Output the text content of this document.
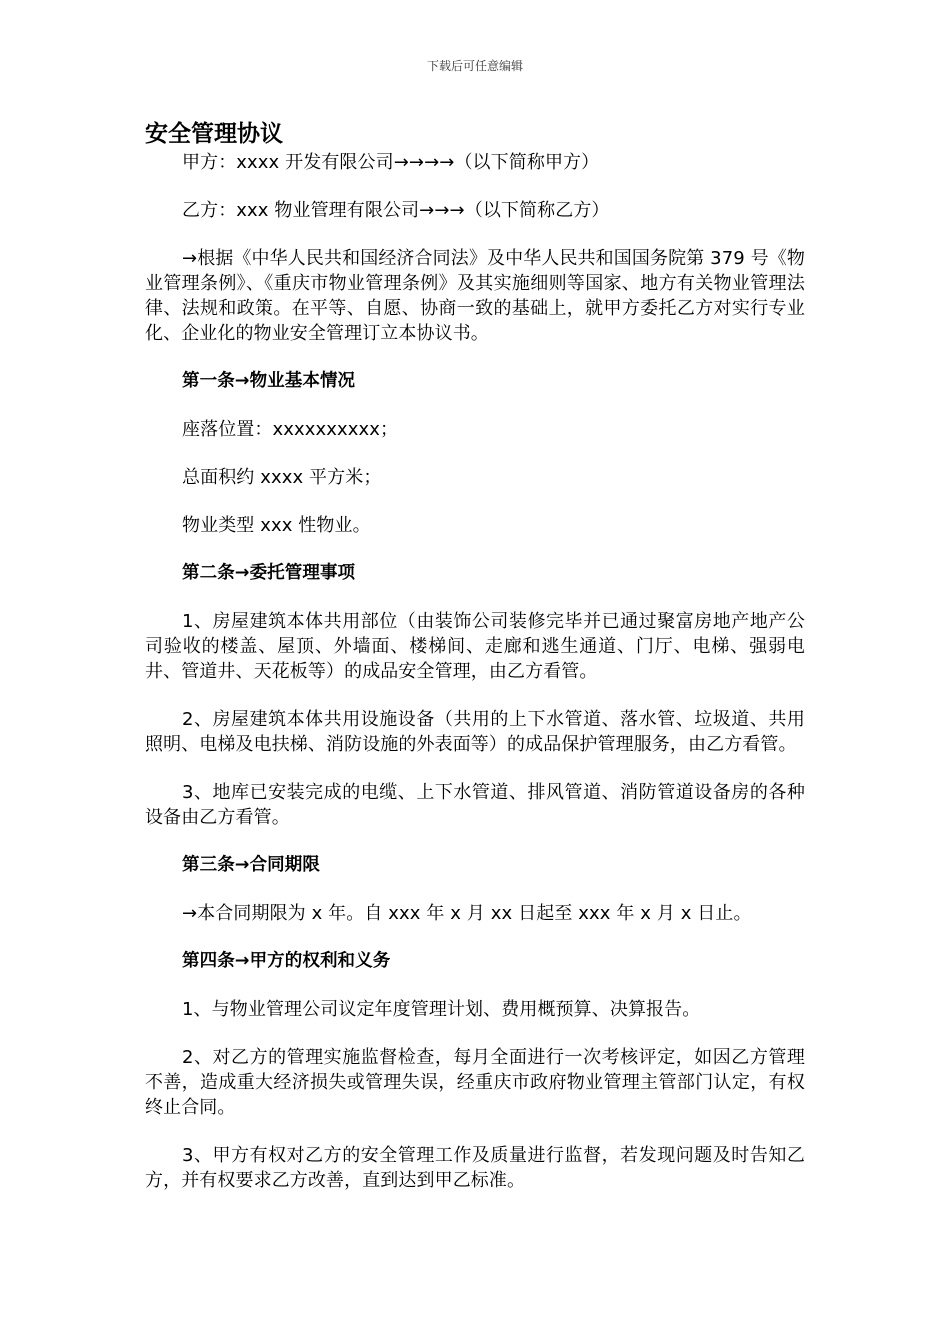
下载后可任意编辑
安全管理协议

甲方：xxxx 开发有限公司→→→→（以下简称甲方）

乙方：xxx 物业管理有限公司→→→（以下简称乙方）

→根据《中华人民共和国经济合同法》及中华人民共和国国务院第 379 号《物业管理条例》、《重庆市物业管理条例》及其实施细则等国家、地方有关物业管理法律、法规和政策。在平等、自愿、协商一致的基础上，就甲方委托乙方对实行专业化、企业化的物业安全管理订立本协议书。

第一条→物业基本情况

座落位置：xxxxxxxxxx；

总面积约 xxxx 平方米；

物业类型 xxx 性物业。

第二条→委托管理事项

1、房屋建筑本体共用部位（由装饰公司装修完毕并已通过聚富房地产地产公司验收的楼盖、屋顶、外墙面、楼梯间、走廊和逃生通道、门厅、电梯、强弱电井、管道井、天花板等）的成品安全管理，由乙方看管。

2、房屋建筑本体共用设施设备（共用的上下水管道、落水管、垃圾道、共用照明、电梯及电扶梯、消防设施的外表面等）的成品保护管理服务，由乙方看管。

3、地库已安装完成的电缆、上下水管道、排风管道、消防管道设备房的各种设备由乙方看管。

第三条→合同期限

→本合同期限为 x 年。自 xxx 年 x 月 xx 日起至 xxx 年 x 月 x 日止。

第四条→甲方的权利和义务

1、与物业管理公司议定年度管理计划、费用概预算、决算报告。

2、对乙方的管理实施监督检查，每月全面进行一次考核评定，如因乙方管理不善，造成重大经济损失或管理失误，经重庆市政府物业管理主管部门认定，有权终止合同。

3、甲方有权对乙方的安全管理工作及质量进行监督，若发现问题及时告知乙方，并有权要求乙方改善，直到达到甲乙标准。
